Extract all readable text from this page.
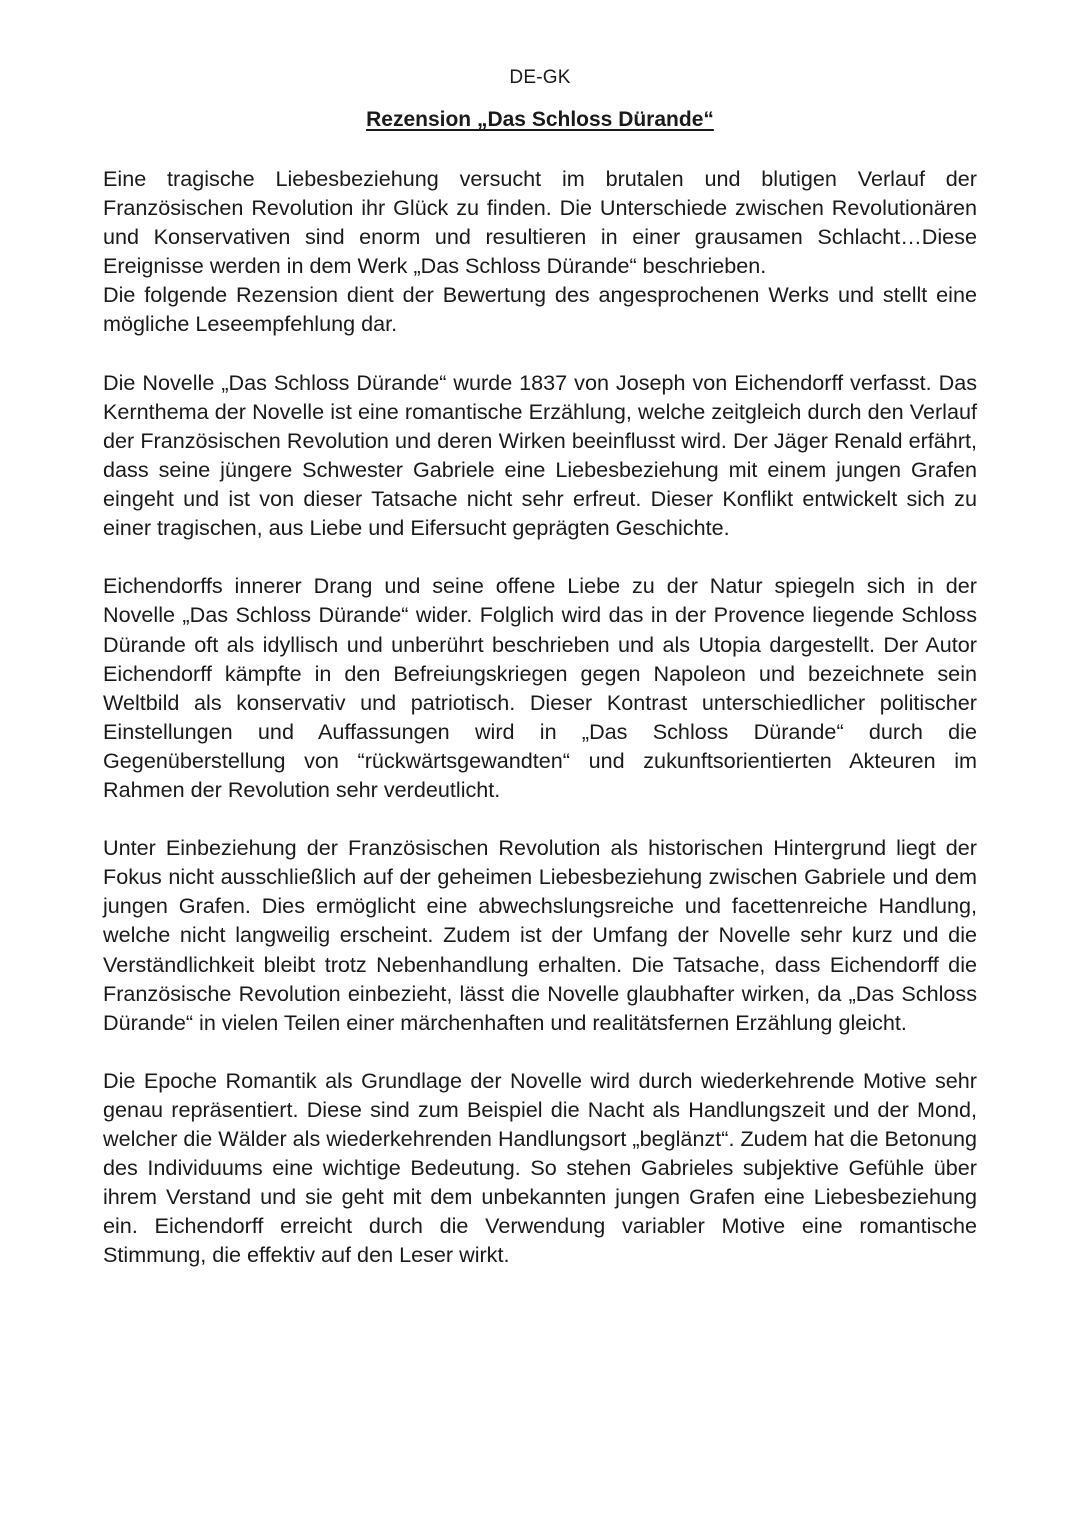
DE-GK

Rezension „Das Schloss Dürande“

Eine tragische Liebesbeziehung versucht im brutalen und blutigen Verlauf der Französischen Revolution ihr Glück zu finden. Die Unterschiede zwischen Revolutionären und Konservativen sind enorm und resultieren in einer grausamen Schlacht…Diese Ereignisse werden in dem Werk „Das Schloss Dürande“ beschrieben.

Die folgende Rezension dient der Bewertung des angesprochenen Werks und stellt eine mögliche Leseempfehlung dar.

Die Novelle „Das Schloss Dürande“ wurde 1837 von Joseph von Eichendorff verfasst. Das Kernthema der Novelle ist eine romantische Erzählung, welche zeitgleich durch den Verlauf der Französischen Revolution und deren Wirken beeinflusst wird. Der Jäger Renald erfährt, dass seine jüngere Schwester Gabriele eine Liebesbeziehung mit einem jungen Grafen eingeht und ist von dieser Tatsache nicht sehr erfreut. Dieser Konflikt entwickelt sich zu einer tragischen, aus Liebe und Eifersucht geprägten Geschichte.

Eichendorffs innerer Drang und seine offene Liebe zu der Natur spiegeln sich in der Novelle „Das Schloss Dürande“ wider. Folglich wird das in der Provence liegende Schloss Dürande oft als idyllisch und unberührt beschrieben und als Utopia dargestellt. Der Autor Eichendorff kämpfte in den Befreiungskriegen gegen Napoleon und bezeichnete sein Weltbild als konservativ und patriotisch. Dieser Kontrast unterschiedlicher politischer Einstellungen und Auffassungen wird in „Das Schloss Dürande“ durch die Gegenüberstellung von “rückwärtsgewandten“ und zukunftsorientierten Akteuren im Rahmen der Revolution sehr verdeutlicht.

Unter Einbeziehung der Französischen Revolution als historischen Hintergrund liegt der Fokus nicht ausschließlich auf der geheimen Liebesbeziehung zwischen Gabriele und dem jungen Grafen. Dies ermöglicht eine abwechslungsreiche und facettenreiche Handlung, welche nicht langweilig erscheint. Zudem ist der Umfang der Novelle sehr kurz und die Verständlichkeit bleibt trotz Nebenhandlung erhalten. Die Tatsache, dass Eichendorff die Französische Revolution einbezieht, lässt die Novelle glaubhafter wirken, da „Das Schloss Dürande“ in vielen Teilen einer märchenhaften und realitätsfernen Erzählung gleicht.

Die Epoche Romantik als Grundlage der Novelle wird durch wiederkehrende Motive sehr genau repräsentiert. Diese sind zum Beispiel die Nacht als Handlungszeit und der Mond, welcher die Wälder als wiederkehrenden Handlungsort „beglänzt“. Zudem hat die Betonung des Individuums eine wichtige Bedeutung. So stehen Gabrieles subjektive Gefühle über ihrem Verstand und sie geht mit dem unbekannten jungen Grafen eine Liebesbeziehung ein. Eichendorff erreicht durch die Verwendung variabler Motive eine romantische Stimmung, die effektiv auf den Leser wirkt.
